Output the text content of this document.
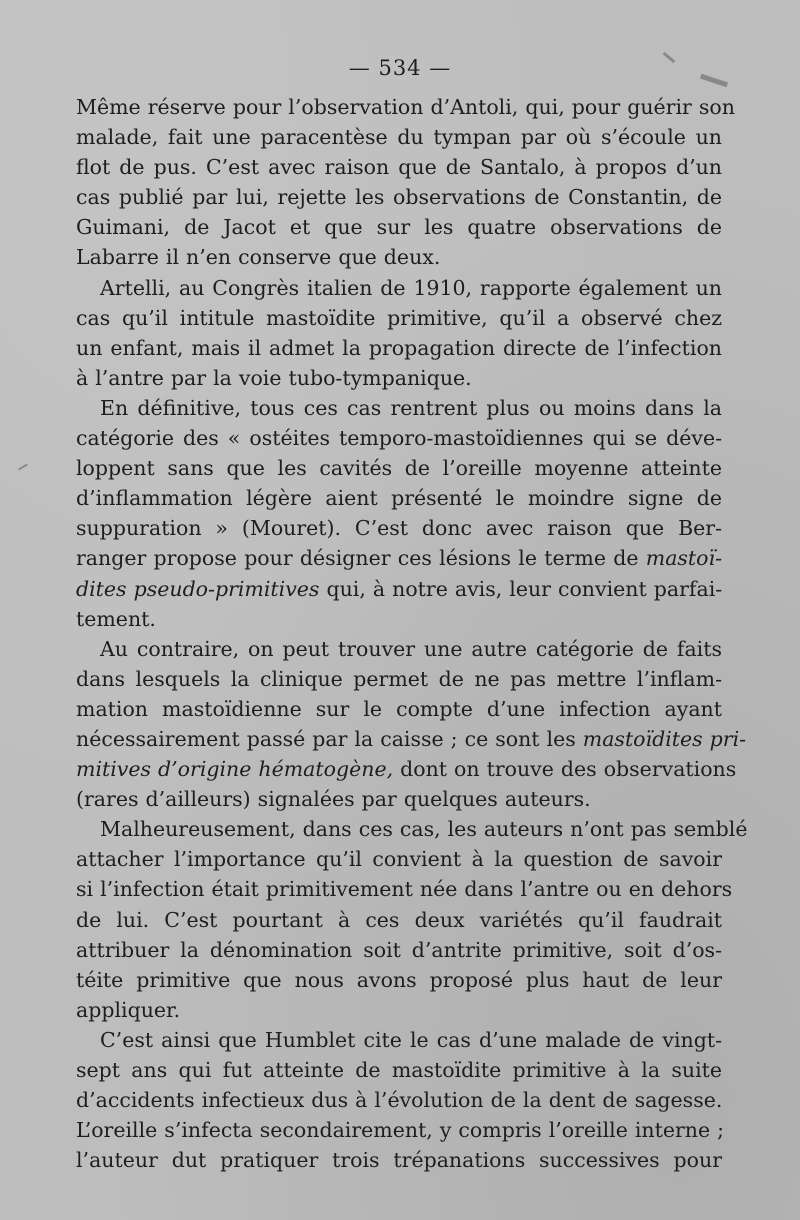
— 534 —
Même réserve pour l’observation d’Antoli, qui, pour guérir son
malade, fait une paracentèse du tympan par où s’écoule un
flot de pus. C’est avec raison que de Santalo, à propos d’un
cas publié par lui, rejette les observations de Constantin, de
Guimani, de Jacot et que sur les quatre observations de
Labarre il n’en conserve que deux.
Artelli, au Congrès italien de 1910, rapporte également un
cas qu’il intitule mastoïdite primitive, qu’il a observé chez
un enfant, mais il admet la propagation directe de l’infection
à l’antre par la voie tubo-tympanique.
En définitive, tous ces cas rentrent plus ou moins dans la
catégorie des « ostéites temporo-mastoïdiennes qui se déve-
loppent sans que les cavités de l’oreille moyenne atteinte
d’inflammation légère aient présenté le moindre signe de
suppuration » (Mouret). C’est donc avec raison que Ber-
ranger propose pour désigner ces lésions le terme de mastoï-
dites pseudo-primitives qui, à notre avis, leur convient parfai-
tement.
Au contraire, on peut trouver une autre catégorie de faits
dans lesquels la clinique permet de ne pas mettre l’inflam-
mation mastoïdienne sur le compte d’une infection ayant
nécessairement passé par la caisse ; ce sont les mastoïdites pri-
mitives d’origine hématogène, dont on trouve des observations
(rares d’ailleurs) signalées par quelques auteurs.
Malheureusement, dans ces cas, les auteurs n’ont pas semblé
attacher l’importance qu’il convient à la question de savoir
si l’infection était primitivement née dans l’antre ou en dehors
de lui. C’est pourtant à ces deux variétés qu’il faudrait
attribuer la dénomination soit d’antrite primitive, soit d’os-
téite primitive que nous avons proposé plus haut de leur
appliquer.
C’est ainsi que Humblet cite le cas d’une malade de vingt-
sept ans qui fut atteinte de mastoïdite primitive à la suite
d’accidents infectieux dus à l’évolution de la dent de sagesse.
L’oreille s’infecta secondairement, y compris l’oreille interne ;
l’auteur dut pratiquer trois trépanations successives pour
